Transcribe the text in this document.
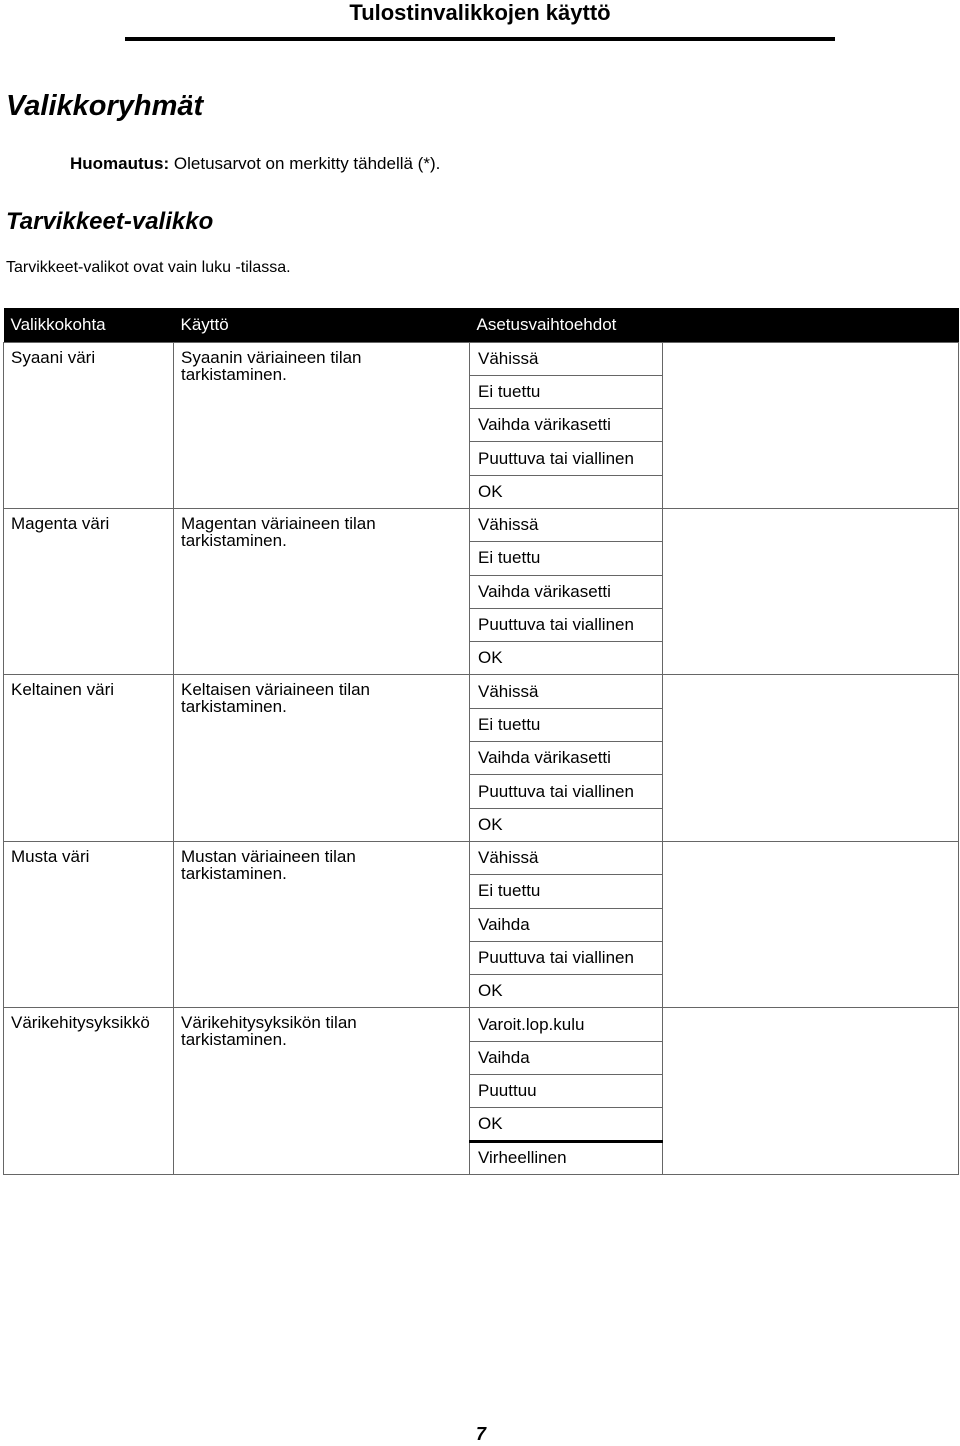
Tulostinvalikkojen käyttö
Valikkoryhmät

Huomautus: Oletusarvot on merkitty tähdellä (*).

Tarvikkeet-valikko

Tarvikkeet-valikot ovat vain luku -tilassa.

Valikkokohta	Käyttö	Asetusvaihtoehdot	
Syaani väri	Syaanin väriaineen tilan tarkistaminen.	Vähissä	
		Ei tuettu	
		Vaihda värikasetti	
		Puuttuva tai viallinen	
		OK	
Magenta väri	Magentan väriaineen tilan tarkistaminen.	Vähissä	
		Ei tuettu	
		Vaihda värikasetti	
		Puuttuva tai viallinen	
		OK	
Keltainen väri	Keltaisen väriaineen tilan tarkistaminen.	Vähissä	
		Ei tuettu	
		Vaihda värikasetti	
		Puuttuva tai viallinen	
		OK	
Musta väri	Mustan väriaineen tilan tarkistaminen.	Vähissä	
		Ei tuettu	
		Vaihda	
		Puuttuva tai viallinen	
		OK	
Värikehitysyksikkö	Värikehitysyksikön tilan tarkistaminen.	Varoit.lop.kulu	
		Vaihda	
		Puuttuu	
		OK	
		Virheellinen	
7
